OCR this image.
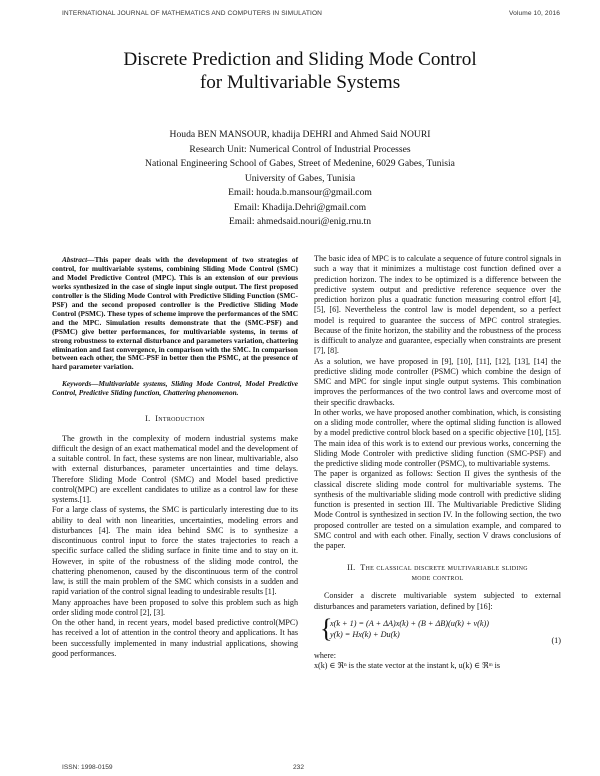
INTERNATIONAL JOURNAL OF MATHEMATICS AND COMPUTERS IN SIMULATION	Volume 10, 2016
Discrete Prediction and Sliding Mode Control
for Multivariable Systems
Houda BEN MANSOUR, khadija DEHRI and Ahmed Said NOURI
Research Unit: Numerical Control of Industrial Processes
National Engineering School of Gabes, Street of Medenine, 6029 Gabes, Tunisia
University of Gabes, Tunisia
Email: houda.b.mansour@gmail.com
Email: Khadija.Dehri@gmail.com
Email: ahmedsaid.nouri@enig.rnu.tn

Abstract—This paper deals with the development of two strategies of control, for multivariable systems, combining Sliding Mode Control (SMC) and Model Predictive Control (MPC). This is an extension of our previous works synthesized in the case of single input single output. The first proposed controller is the Sliding Mode Control with Predictive Sliding Function (SMC-PSF) and the second proposed controller is the Predictive Sliding Mode Control (PSMC). These types of scheme improve the performances of the SMC and the MPC. Simulation results demonstrate that the (SMC-PSF) and (PSMC) give better performances, for multivariable systems, in terms of strong robustness to external disturbance and parameters variation, chattering elimination and fast convergence, in comparison with the SMC. In comparison between each other, the SMC-PSF in better then the PSMC, at the presence of hard parameter variation.

Keywords—Multivariable systems, Sliding Mode Control, Model Predictive Control, Predictive Sliding function, Chattering phenomenon.

I. Introduction

The growth in the complexity of modern industrial systems make difficult the design of an exact mathematical model and the development of a suitable control. In fact, these systems are non linear, multivariable, also with external disturbances, parameter uncertainties and time delays. Therefore Sliding Mode Control (SMC) and Model based predictive control(MPC) are excellent candidates to utilize as a control law for these systems.[1].

For a large class of systems, the SMC is particularly interesting due to its ability to deal with non linearities, uncertainties, modeling errors and disturbances [4]. The main idea behind SMC is to synthesize a discontinuous control input to force the states trajectories to reach a specific surface called the sliding surface in finite time and to stay on it. However, in spite of the robustness of the sliding mode control, the chattering phenomenon, caused by the discontinuous term of the control law, is still the main problem of the SMC which consists in a sudden and rapid variation of the control signal leading to undesirable results [1].

Many approaches have been proposed to solve this problem such as high order sliding mode control [2], [3].

On the other hand, in recent years, model based predictive control(MPC) has received a lot of attention in the control theory and applications. It has been successfully implemented in many industrial applications, showing good performances.

The basic idea of MPC is to calculate a sequence of future control signals in such a way that it minimizes a multistage cost function defined over a prediction horizon. The index to be optimized is a difference between the predictive system output and predictive reference sequence over the prediction horizon plus a quadratic function measuring control effort [4], [5], [6]. Nevertheless the control law is model dependent, so a perfect model is required to guarantee the success of MPC control strategies. Because of the finite horizon, the stability and the robustness of the process is difficult to analyze and guarantee, especially when constraints are present [7], [8].

As a solution, we have proposed in [9], [10], [11], [12], [13], [14] the predictive sliding mode controller (PSMC) which combine the design of SMC and MPC for single input single output systems. This combination improves the performances of the two control laws and overcome most of their specific drawbacks.

In other works, we have proposed another combination, which, is consisting on a sliding mode controller, where the optimal sliding function is allowed by a model predictive control block based on a specific objective [10], [15]. The main idea of this work is to extend our previous works, concerning the Sliding Mode Controler with predictive sliding function (SMC-PSF) and the predictive sliding mode controller (PSMC), to multivariable systems.

The paper is organized as follows: Section II gives the synthesis of the classical discrete sliding mode control for multivariable systems. The synthesis of the multivariable sliding mode controll with predictive sliding function is presented in section III. The Multivariable Predictive Sliding Mode Control is synthesized in section IV. In the following section, the two proposed controller are tested on a simulation example, and compared to SMC control and with each other. Finally, section V draws conclusions of the paper.

II. The classical discrete multivariable sliding
mode control

Consider a discrete multivariable system subjected to external disturbances and parameters variation, defined by [16]:

{
x(k + 1) = (A + ΔA)x(k) + (B + ΔB)(u(k) + v(k))
y(k) = Hx(k) + Du(k)
(1)

where:

x(k) ∈ ℜⁿ is the state vector at the instant k, u(k) ∈ ℜᵐ is

ISSN: 1998-0159	232
